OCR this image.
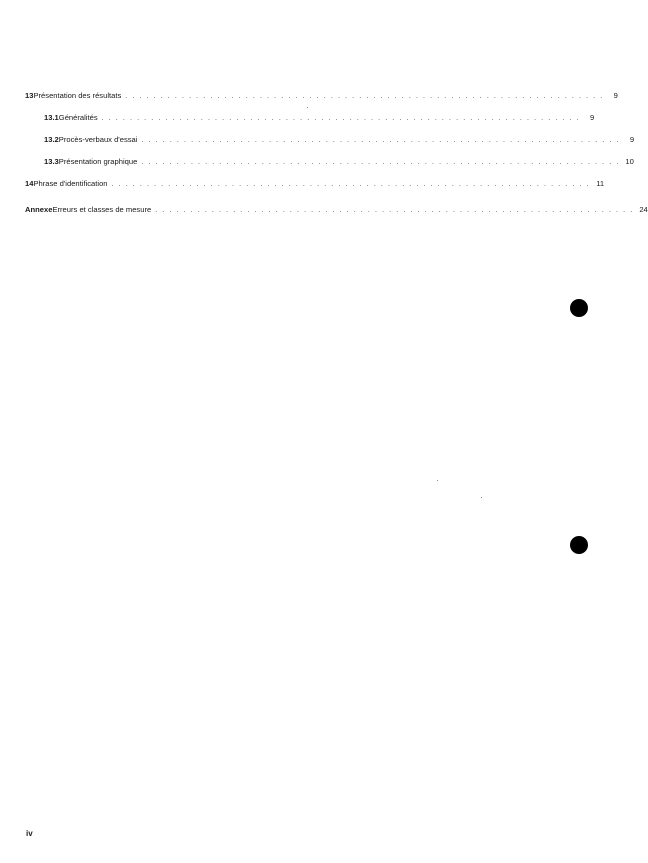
13 Présentation des résultats . . . . . . . . . . . . . . . . . . . . . . . . . . . . . . . . . . . . . . . . . . . . . . . . . . . . . . . . . . . . . . . . . . . .	9
13.1 Généralités . . . . . . . . . . . . . . . . . . . . . . . . . . . . . . . . . . . . . . . . . . . . . . . . . . . . . . . . . . . . . . . . . . . .	9
13.2 Procès-verbaux d'essai . . . . . . . . . . . . . . . . . . . . . . . . . . . . . . . . . . . . . . . . . . . . . . . . . . . . . . . . . . . . . . . . . . . .	9
13.3 Présentation graphique . . . . . . . . . . . . . . . . . . . . . . . . . . . . . . . . . . . . . . . . . . . . . . . . . . . . . . . . . . . . . . . . . . . . 10
14 Phrase d'identification . . . . . . . . . . . . . . . . . . . . . . . . . . . . . . . . . . . . . . . . . . . . . . . . . . . . . . . . . . . . . . . . . . . . 11
Annexe Erreurs et classes de mesure . . . . . . . . . . . . . . . . . . . . . . . . . . . . . . . . . . . . . . . . . . . . . . . . . . . . . . . . . . . . . . . . . . . . 24
iv
